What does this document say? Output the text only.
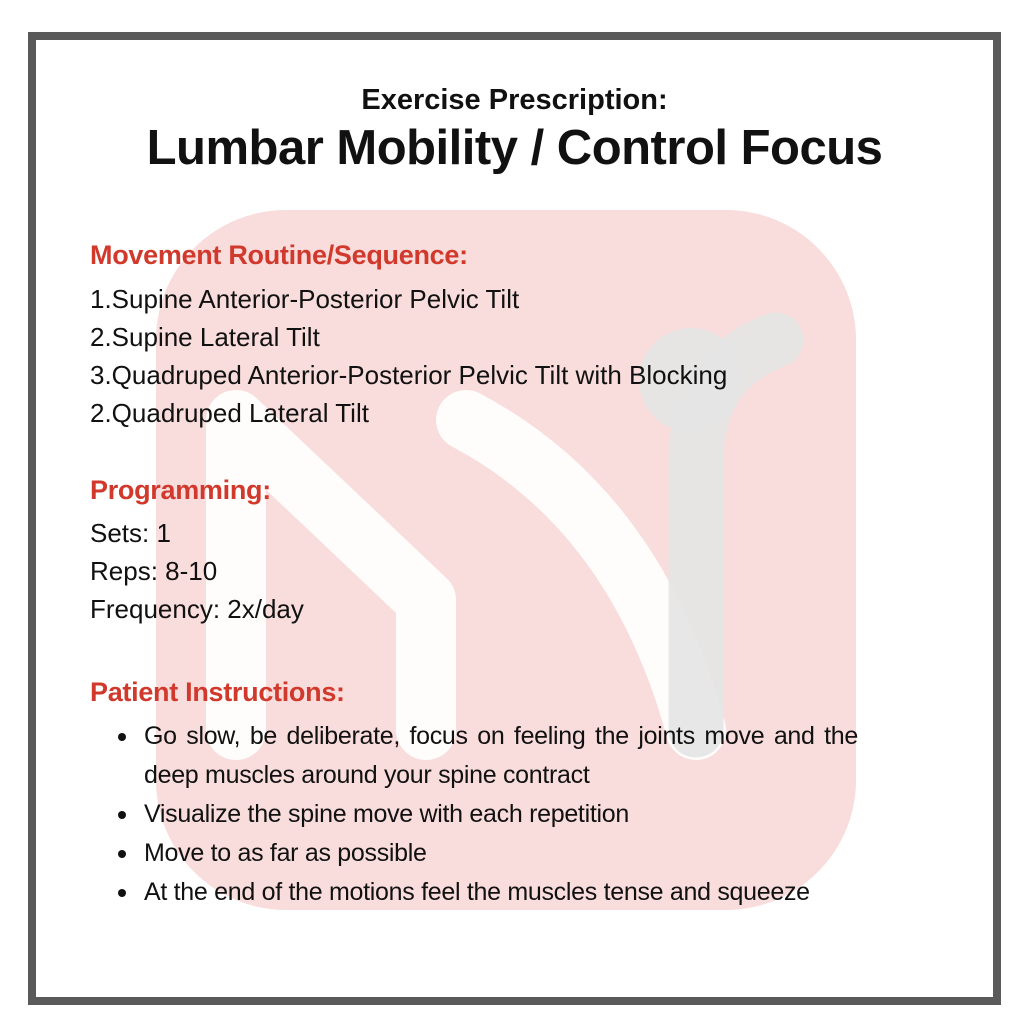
Exercise Prescription:
Lumbar Mobility / Control Focus
Movement Routine/Sequence:
1.Supine Anterior-Posterior Pelvic Tilt
2.Supine Lateral Tilt
3.Quadruped Anterior-Posterior Pelvic Tilt with Blocking
2.Quadruped Lateral Tilt
Programming:
Sets: 1
Reps: 8-10
Frequency: 2x/day
Patient Instructions:
Go slow, be deliberate, focus on feeling the joints move and the deep muscles around your spine contract
Visualize the spine move with each repetition
Move to as far as possible
At the end of the motions feel the muscles tense and squeeze
